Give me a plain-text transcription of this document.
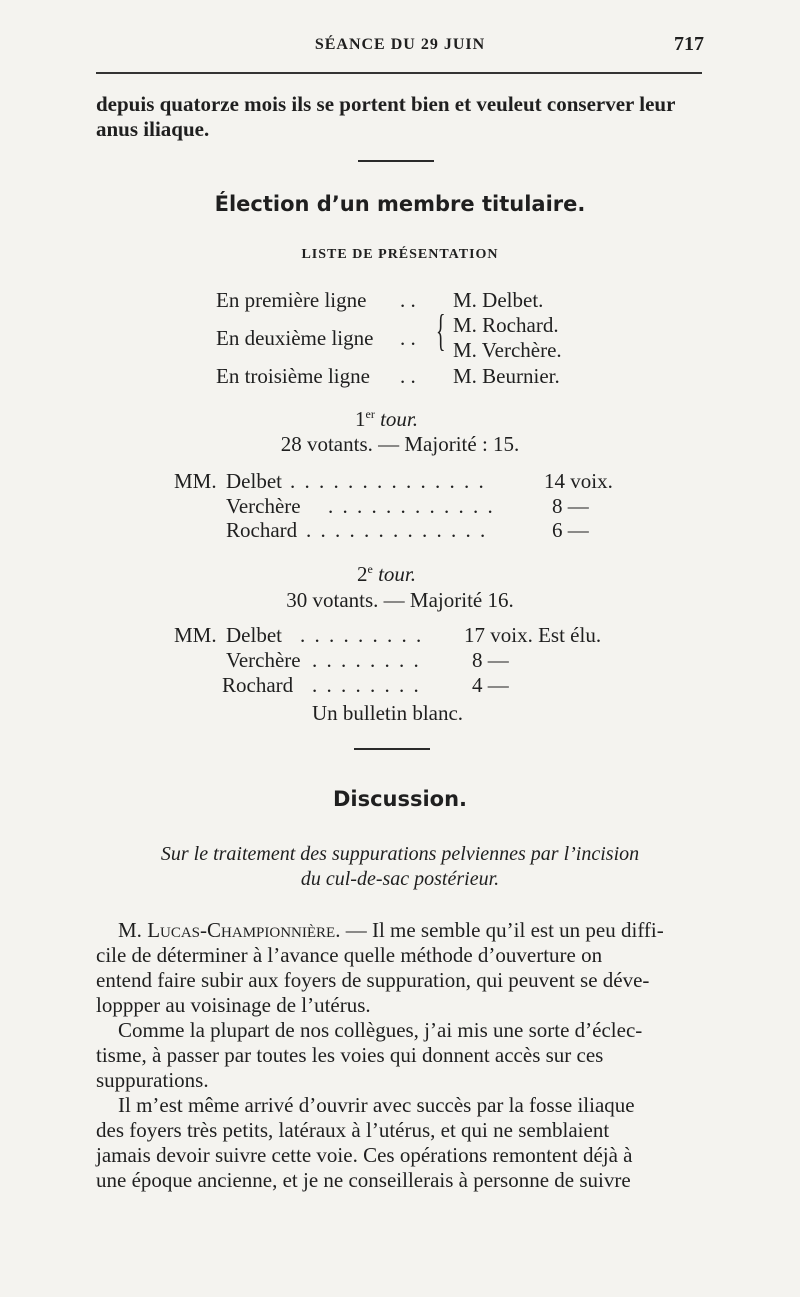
SÉANCE DU 29 JUIN	717
depuis quatorze mois ils se portent bien et veuleut conserver leur
anus iliaque.
Élection d’un membre titulaire.
LISTE DE PRÉSENTATION
En première ligne . . M. Delbet.
En deuxième ligne . . { M. Rochard.
M. Verchère.
En troisième ligne . . M. Beurnier.
1er tour.
28 votants. — Majorité : 15.
MM. Delbet . . . . . . . . . . . . . .	14 voix.
Verchère . . . . . . . . . . . .	8 —
Rochard . . . . . . . . . . . . .	6 —
2e tour.
30 votants. — Majorité 16.
MM. Delbet . . . . . . . . . 17 voix. Est élu.
Verchère . . . . . . . . 8 —
Rochard . . . . . . . . 4 —
Un bulletin blanc.
Discussion.
Sur le traitement des suppurations pelviennes par l’incision
du cul-de-sac postérieur.
M. Lucas-Championnière. — Il me semble qu’il est un peu diffi-
cile de déterminer à l’avance quelle méthode d’ouverture on
entend faire subir aux foyers de suppuration, qui peuvent se déve-
loppper au voisinage de l’utérus.
Comme la plupart de nos collègues, j’ai mis une sorte d’éclec-
tisme, à passer par toutes les voies qui donnent accès sur ces
suppurations.
Il m’est même arrivé d’ouvrir avec succès par la fosse iliaque
des foyers très petits, latéraux à l’utérus, et qui ne semblaient
jamais devoir suivre cette voie. Ces opérations remontent déjà à
une époque ancienne, et je ne conseillerais à personne de suivre
